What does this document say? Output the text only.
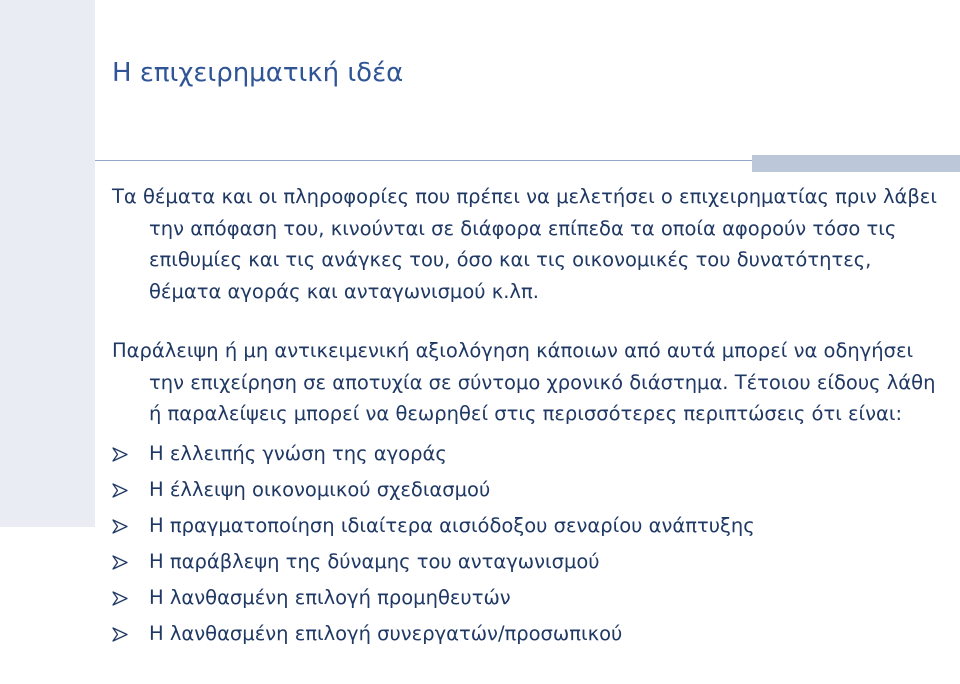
Η επιχειρηματική ιδέα

Τα θέματα και οι πληροφορίες που πρέπει να μελετήσει ο επιχειρηματίας πριν λάβει την απόφαση του, κινούνται σε διάφορα επίπεδα τα οποία αφορούν τόσο τις επιθυμίες και τις ανάγκες του, όσο και τις οικονομικές του δυνατότητες, θέματα αγοράς και ανταγωνισμού κ.λπ.

Παράλειψη ή μη αντικειμενική αξιολόγηση κάποιων από αυτά μπορεί να οδηγήσει την επιχείρηση σε αποτυχία σε σύντομο χρονικό διάστημα. Τέτοιου είδους λάθη ή παραλείψεις μπορεί να θεωρηθεί στις περισσότερες περιπτώσεις ότι είναι:

Η ελλειπής γνώση της αγοράς
Η έλλειψη οικονομικού σχεδιασμού
Η πραγματοποίηση ιδιαίτερα αισιόδοξου σεναρίου ανάπτυξης
Η παράβλεψη της δύναμης του ανταγωνισμού
Η λανθασμένη επιλογή προμηθευτών
Η λανθασμένη επιλογή συνεργατών/προσωπικού
